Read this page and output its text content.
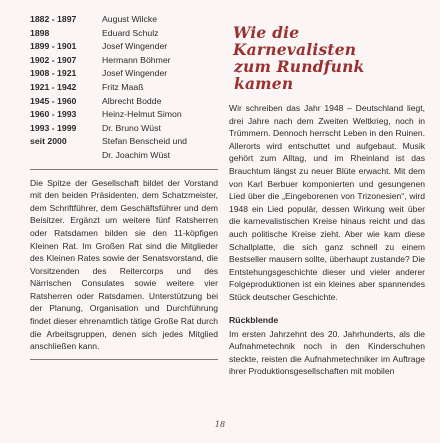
1882 - 1897	August Wilcke
1898	Eduard Schulz
1899 - 1901	Josef Wingender
1902 - 1907	Hermann Böhmer
1908 - 1921	Josef Wingender
1921 - 1942	Fritz Maaß
1945 - 1960	Albrecht Bodde
1960 - 1993	Heinz-Helmut Simon
1993 - 1999	Dr. Bruno Wüst
seit 2000	Stefan Benscheid und
	Dr. Joachim Wüst

Die Spitze der Gesellschaft bildet der Vorstand mit den beiden Präsidenten, dem Schatzmeister, dem Schriftführer, dem Geschäftsführer und dem Beisitzer. Ergänzt um weitere fünf Ratsherren oder Ratsdamen bilden sie den 11-köpfigen Kleinen Rat. Im Großen Rat sind die Mitglieder des Kleinen Rates sowie der Senatsvorstand, die Vorsitzenden des Reitercorps und des Närrischen Consulates sowie weitere vier Ratsherren oder Ratsdamen. Unterstützung bei der Planung, Organisation und Durchführung findet dieser ehrenamtlich tätige Große Rat durch die Arbeitsgruppen, denen sich jedes Mitglied anschließen kann.

Wie die Karnevalisten
zum Rundfunk kamen

Wir schreiben das Jahr 1948 – Deutschland liegt, drei Jahre nach dem Zweiten Weltkrieg, noch in Trümmern. Dennoch herrscht Leben in den Ruinen. Allerorts wird entschuttet und aufgebaut. Musik gehört zum Alltag, und im Rheinland ist das Brauchtum längst zu neuer Blüte erwacht. Mit dem von Karl Berbuer komponierten und gesungenen Lied über die „Eingeborenen von Trizonesien“, wird 1948 ein Lied populär, dessen Wirkung weit über die karnevalistischen Kreise hinaus reicht und das auch politische Kreise zieht. Aber wie kam diese Schallplatte, die sich ganz schnell zu einem Bestseller mausern sollte, überhaupt zustande? Die Entstehungsgeschichte dieser und vieler anderer Folgeproduktionen ist ein kleines aber spannendes Stück deutscher Geschichte.

Rückblende

Im ersten Jahrzehnt des 20. Jahrhunderts, als die Aufnahmetechnik noch in den Kinderschuhen steckte, reisten die Aufnahmetechniker im Auftrage ihrer Produktionsgesellschaften mit mobilen

18
